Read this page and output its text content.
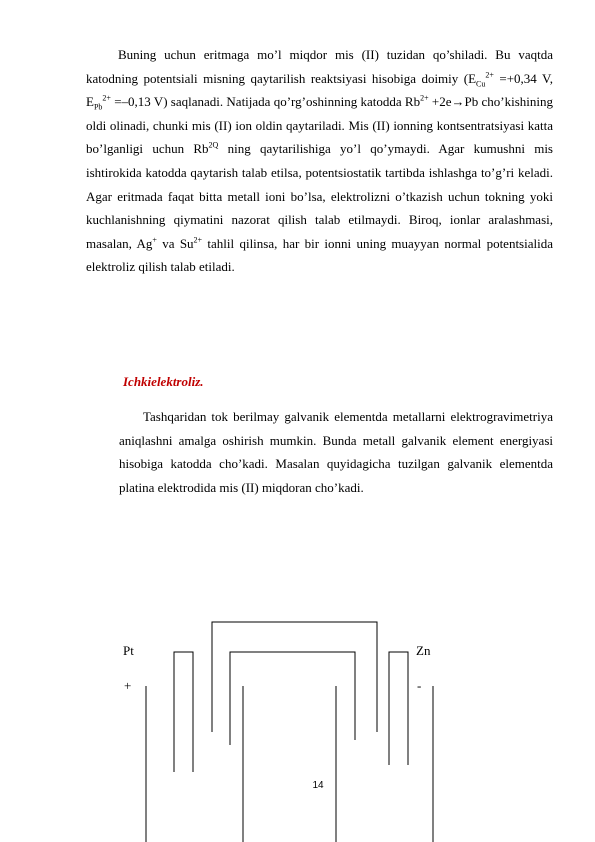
Buning uchun eritmaga mo’l miqdor mis (II) tuzidan qo’shiladi. Bu vaqtda katodning potentsiali misning qaytarilish reaktsiyasi hisobiga doimiy ($E_{Cu}^{2+} =+0,34$ V, $E_{Pb}^{2+} =-0,13$ V) saqlanadi. Natijada qo’rg’oshinning katodda $Rb^{2+} +2e\to Pb$ cho’kishining oldi olinadi, chunki mis (II) ion oldin qaytariladi. Mis (II) ionning kontsentratsiyasi katta bo’lganligi uchun $Rb^{2Q}$ ning qaytarilishiga yo’l qo’ymaydi. Agar kumushni mis ishtirokida katodda qaytarish talab etilsa, potentsiostatik tartibda ishlashga to’g’ri keladi. Agar eritmada faqat bitta metall ioni bo’lsa, elektrolizni o’tkazish uchun tokning yoki kuchlanishning qiymatini nazorat qilish talab etilmaydi. Biroq, ionlar aralashmasi, masalan, Ag+ va $Su^{2+}$ tahlil qilinsa, har bir ionni uning muayyan normal potentsialida elektroliz qilish talab etiladi.

Ichkielektroliz.

Tashqaridan tok berilmay galvanik elementda metallarni elektrogravimetriya aniqlashni amalga oshirish mumkin. Bunda metall galvanik element energiyasi hisobiga katodda cho’kadi. Masalan quyidagicha tuzilgan galvanik elementda platina elektrodida mis (II) miqdoran cho’kadi.

Pt
+
Zn
-
14
